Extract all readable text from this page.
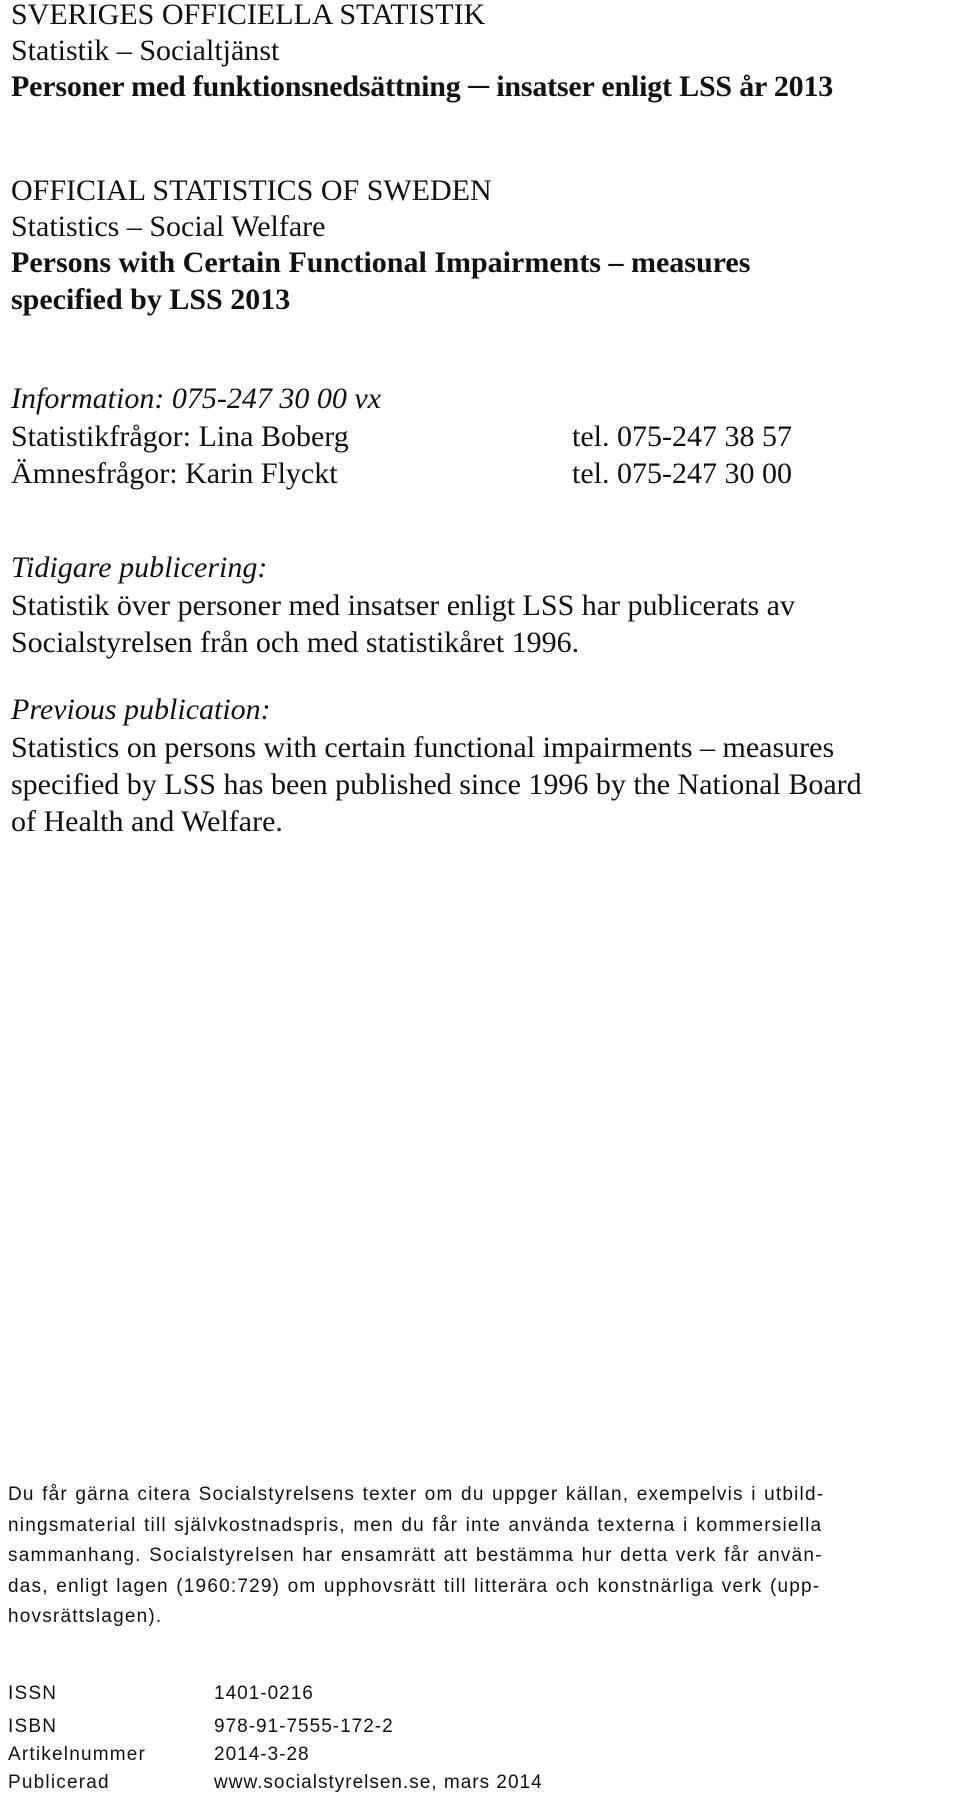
SVERIGES OFFICIELLA STATISTIK
Statistik – Socialtjänst
Personer med funktionsnedsättning ─ insatser enligt LSS år 2013
OFFICIAL STATISTICS OF SWEDEN
Statistics – Social Welfare
Persons with Certain Functional Impairments – measures
specified by LSS 2013
Information: 075-247 30 00 vx
Statistikfrågor: Lina Boberg	tel. 075-247 38 57
Ämnesfrågor: Karin Flyckt	tel. 075-247 30 00
Tidigare publicering:
Statistik över personer med insatser enligt LSS har publicerats av
Socialstyrelsen från och med statistikåret 1996.
Previous publication:
Statistics on persons with certain functional impairments – measures
specified by LSS has been published since 1996 by the National Board
of Health and Welfare.
Du får gärna citera Socialstyrelsens texter om du uppger källan, exempelvis i utbild-
ningsmaterial till självkostnadspris, men du får inte använda texterna i kommersiella
sammanhang. Socialstyrelsen har ensamrätt att bestämma hur detta verk får använ-
das, enligt lagen (1960:729) om upphovsrätt till litterära och konstnärliga verk (upp-
hovsrättslagen).
ISSN	1401-0216
ISBN	978-91-7555-172-2
Artikelnummer	2014-3-28
Publicerad	www.socialstyrelsen.se, mars 2014
